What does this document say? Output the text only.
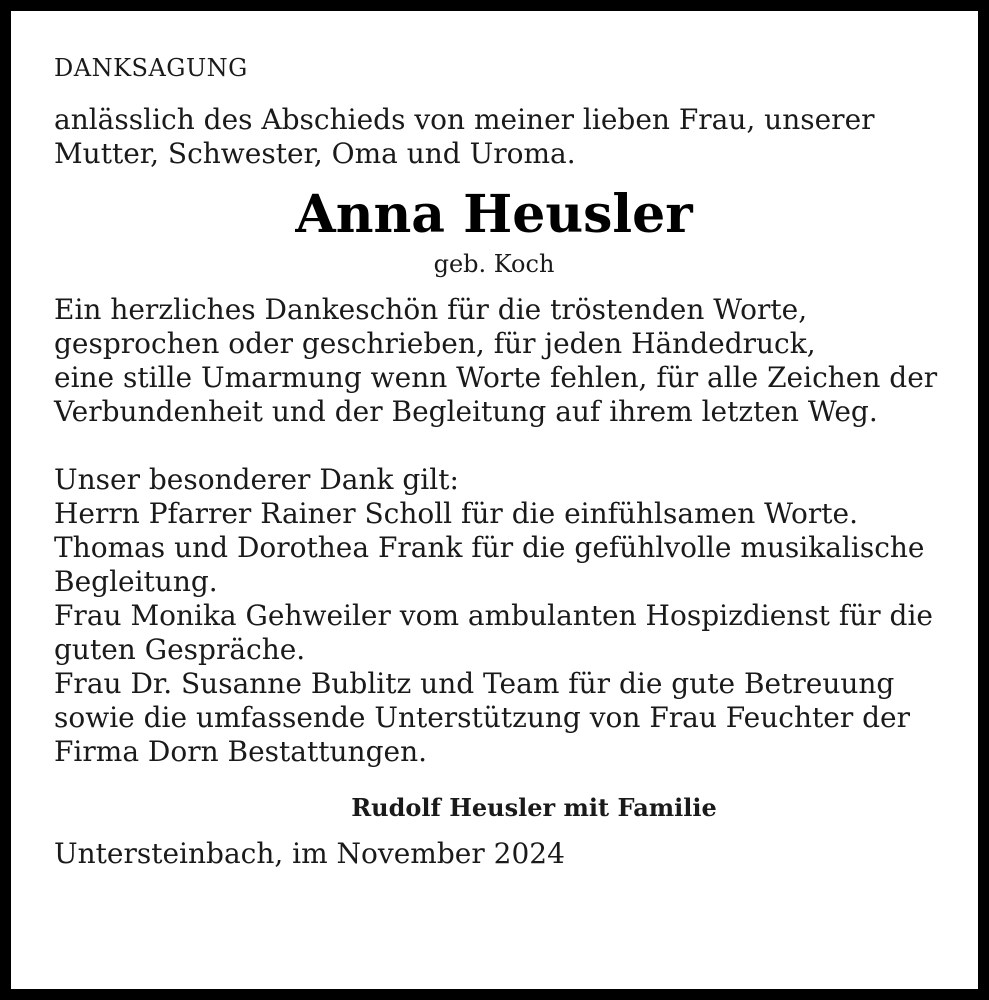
DANKSAGUNG
anlässlich des Abschieds von meiner lieben Frau, unserer
Mutter, Schwester, Oma und Uroma.
Anna Heusler
geb. Koch
Ein herzliches Dankeschön für die tröstenden Worte,
gesprochen oder geschrieben, für jeden Händedruck,
eine stille Umarmung wenn Worte fehlen, für alle Zeichen der
Verbundenheit und der Begleitung auf ihrem letzten Weg.
Unser besonderer Dank gilt:
Herrn Pfarrer Rainer Scholl für die einfühlsamen Worte.
Thomas und Dorothea Frank für die gefühlvolle musikalische
Begleitung.
Frau Monika Gehweiler vom ambulanten Hospizdienst für die
guten Gespräche.
Frau Dr. Susanne Bublitz und Team für die gute Betreuung
sowie die umfassende Unterstützung von Frau Feuchter der
Firma Dorn Bestattungen.
Rudolf Heusler mit Familie
Untersteinbach, im November 2024
